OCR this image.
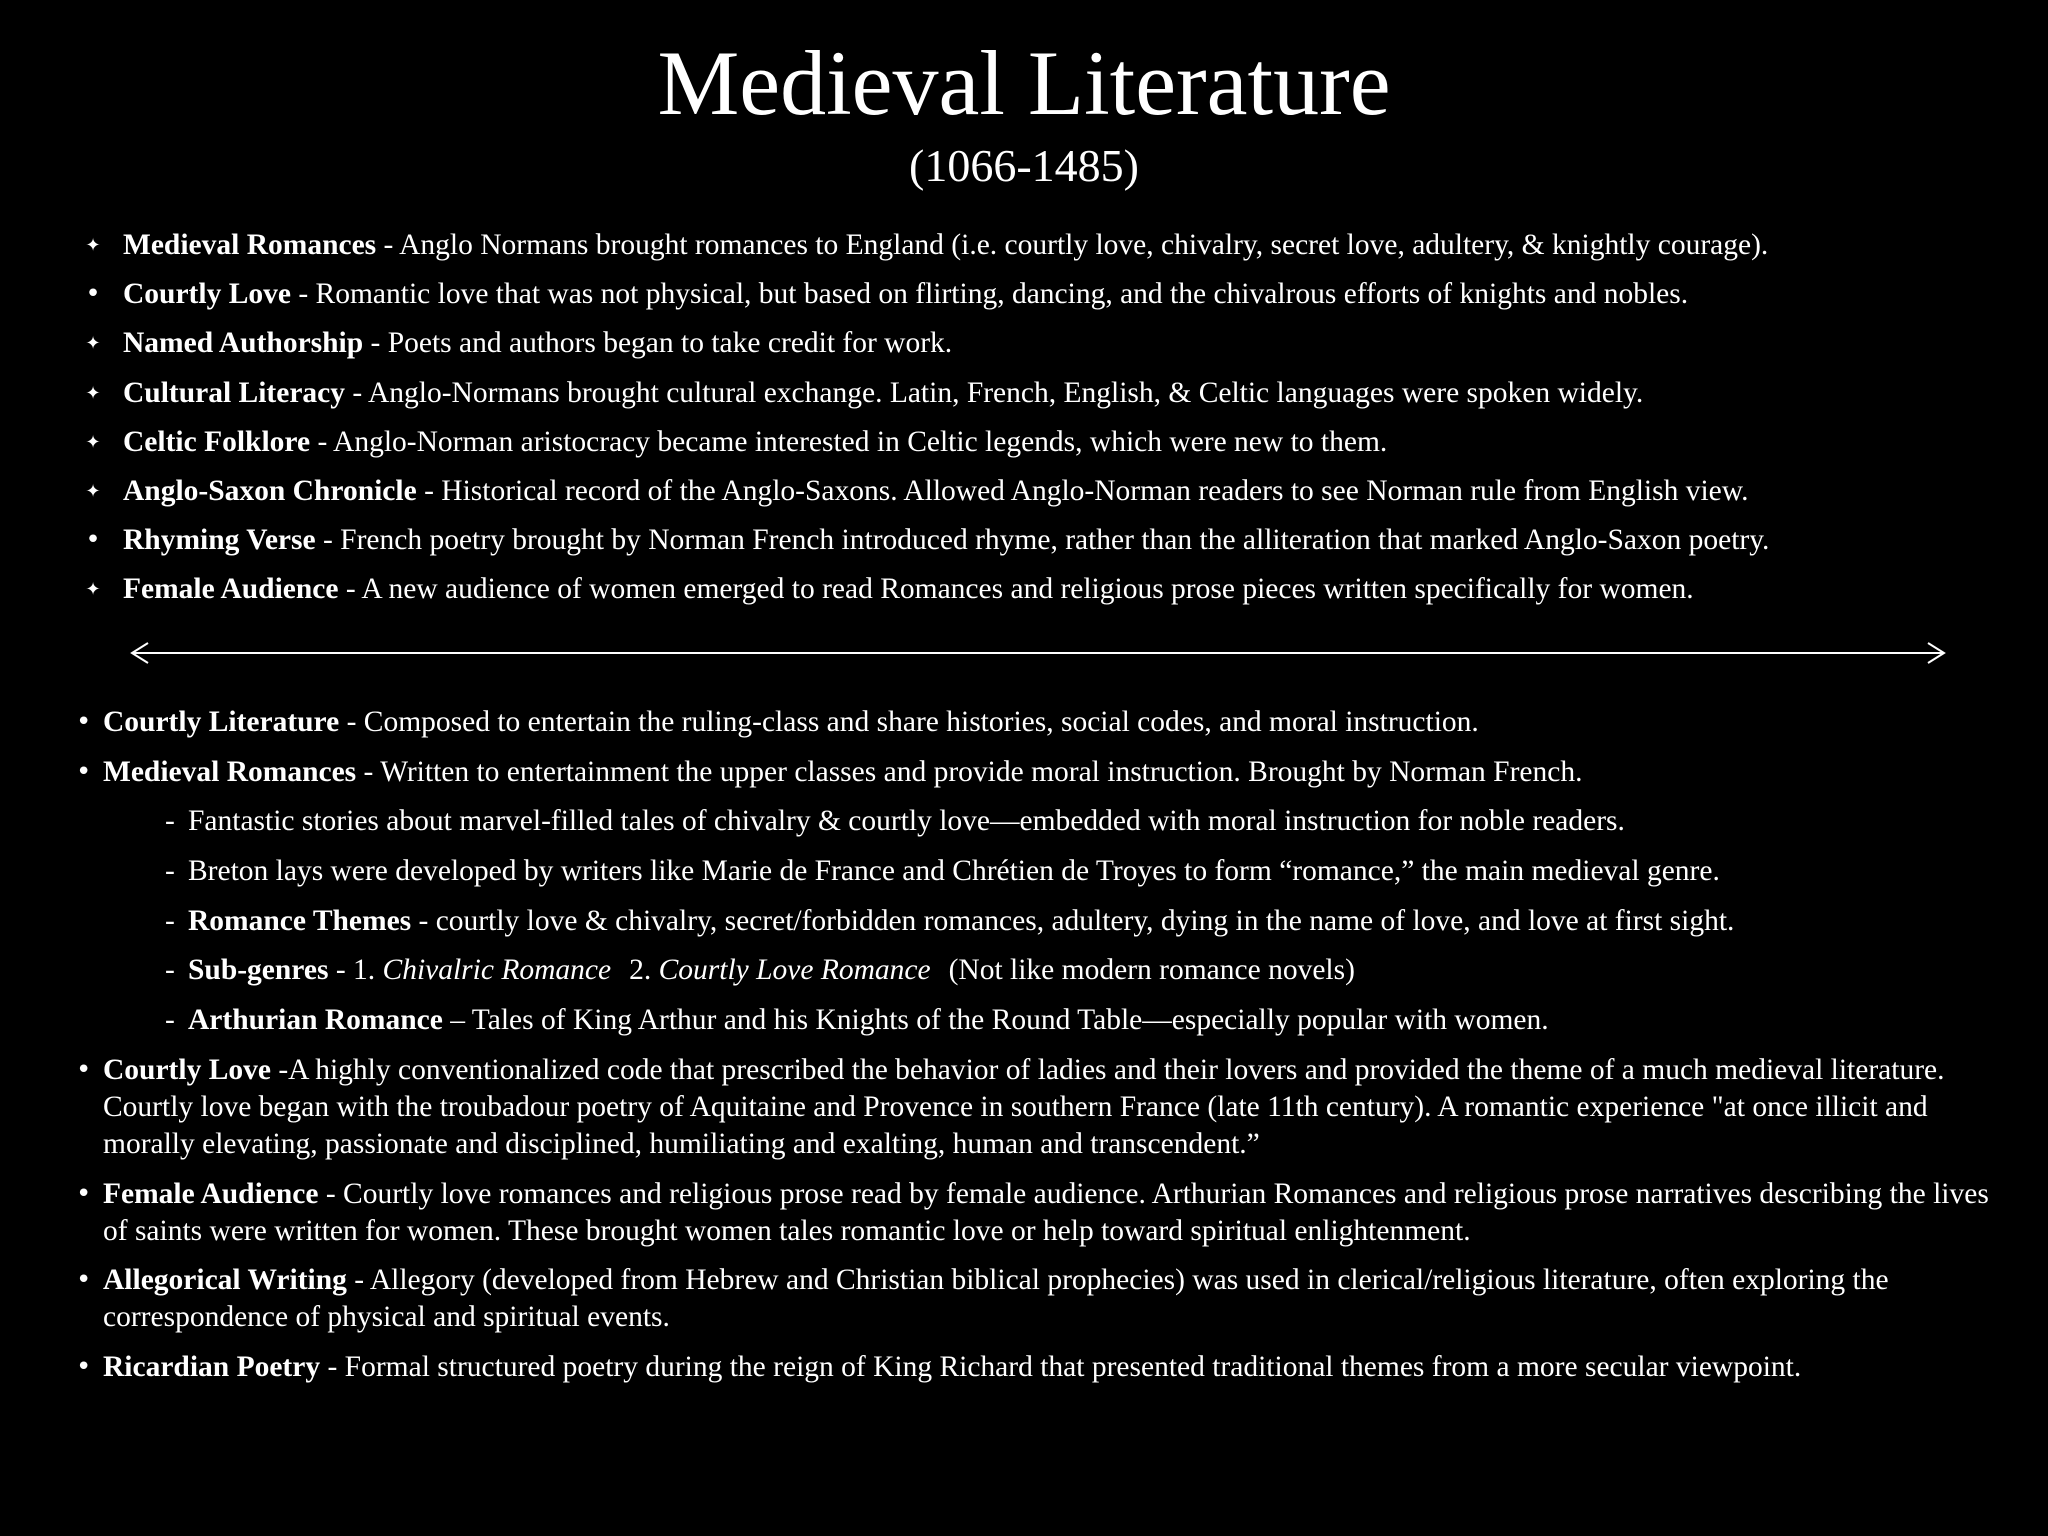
Medieval Literature
(1066-1485)
✦ Medieval Romances - Anglo Normans brought romances to England (i.e. courtly love, chivalry, secret love, adultery, & knightly courage).
• Courtly Love - Romantic love that was not physical, but based on flirting, dancing, and the chivalrous efforts of knights and nobles.
✦ Named Authorship - Poets and authors began to take credit for work.
✦ Cultural Literacy - Anglo-Normans brought cultural exchange. Latin, French, English, & Celtic languages were spoken widely.
✦ Celtic Folklore - Anglo-Norman aristocracy became interested in Celtic legends, which were new to them.
✦ Anglo-Saxon Chronicle - Historical record of the Anglo-Saxons. Allowed Anglo-Norman readers to see Norman rule from English view.
• Rhyming Verse - French poetry brought by Norman French introduced rhyme, rather than the alliteration that marked Anglo-Saxon poetry.
✦ Female Audience - A new audience of women emerged to read Romances and religious prose pieces written specifically for women.
• Courtly Literature - Composed to entertain the ruling-class and share histories, social codes, and moral instruction.
• Medieval Romances - Written to entertainment the upper classes and provide moral instruction. Brought by Norman French.
- Fantastic stories about marvel-filled tales of chivalry & courtly love—embedded with moral instruction for noble readers.
- Breton lays were developed by writers like Marie de France and Chrétien de Troyes to form “romance,” the main medieval genre.
- Romance Themes - courtly love & chivalry, secret/forbidden romances, adultery, dying in the name of love, and love at first sight.
- Sub-genres - 1. Chivalric Romance 2. Courtly Love Romance (Not like modern romance novels)
- Arthurian Romance – Tales of King Arthur and his Knights of the Round Table—especially popular with women.
• Courtly Love -A highly conventionalized code that prescribed the behavior of ladies and their lovers and provided the theme of a much medieval literature. Courtly love began with the troubadour poetry of Aquitaine and Provence in southern France (late 11th century). A romantic experience "at once illicit and morally elevating, passionate and disciplined, humiliating and exalting, human and transcendent.”
• Female Audience - Courtly love romances and religious prose read by female audience. Arthurian Romances and religious prose narratives describing the lives of saints were written for women. These brought women tales romantic love or help toward spiritual enlightenment.
• Allegorical Writing - Allegory (developed from Hebrew and Christian biblical prophecies) was used in clerical/religious literature, often exploring the correspondence of physical and spiritual events.
• Ricardian Poetry - Formal structured poetry during the reign of King Richard that presented traditional themes from a more secular viewpoint.
